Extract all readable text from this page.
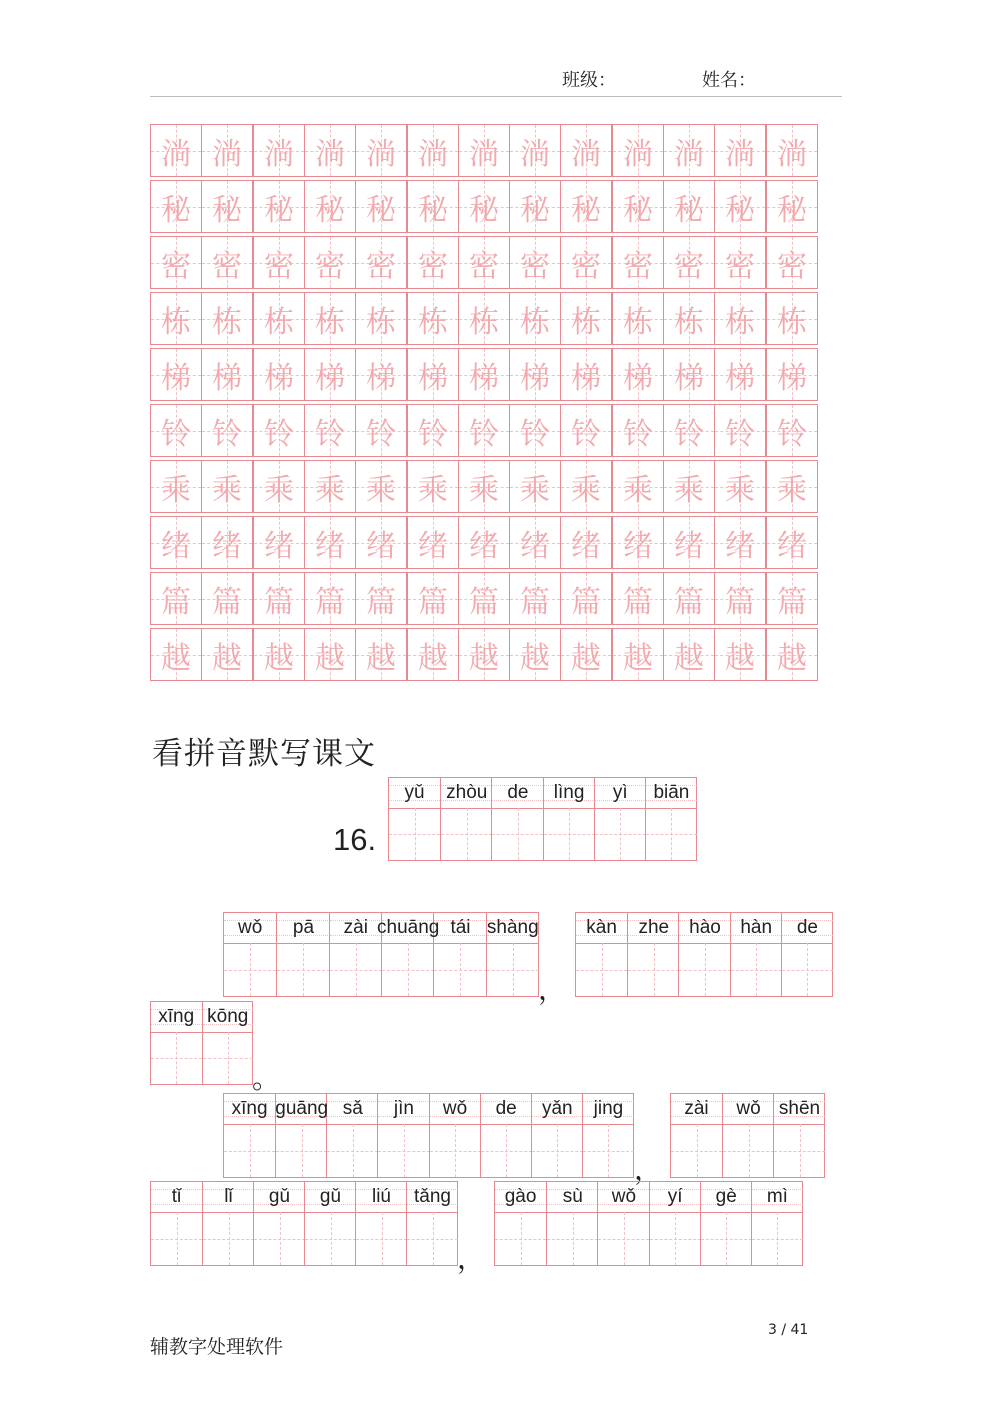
班级：	姓名：
淌 淌 淌 淌 淌 淌 淌 淌 淌 淌 淌 淌 淌
秘 秘 秘 秘 秘 秘 秘 秘 秘 秘 秘 秘 秘
密 密 密 密 密 密 密 密 密 密 密 密 密
栋 栋 栋 栋 栋 栋 栋 栋 栋 栋 栋 栋 栋
梯 梯 梯 梯 梯 梯 梯 梯 梯 梯 梯 梯 梯
铃 铃 铃 铃 铃 铃 铃 铃 铃 铃 铃 铃 铃
乘 乘 乘 乘 乘 乘 乘 乘 乘 乘 乘 乘 乘
绪 绪 绪 绪 绪 绪 绪 绪 绪 绪 绪 绪 绪
篇 篇 篇 篇 篇 篇 篇 篇 篇 篇 篇 篇 篇
越 越 越 越 越 越 越 越 越 越 越 越 越
看拼音默写课文
16.
yǔ zhòu de lìng yì biān
wǒ pā zài chuāng tái shàng
，
kàn zhe hào hàn de
xīng kōng
。
xīng guāng sǎ jìn wǒ de yǎn jing
，
zài wǒ shēn
tǐ lǐ gǔ gǔ liú tǎng
，
gào sù wǒ yí gè mì
辅教字处理软件
3 / 41
